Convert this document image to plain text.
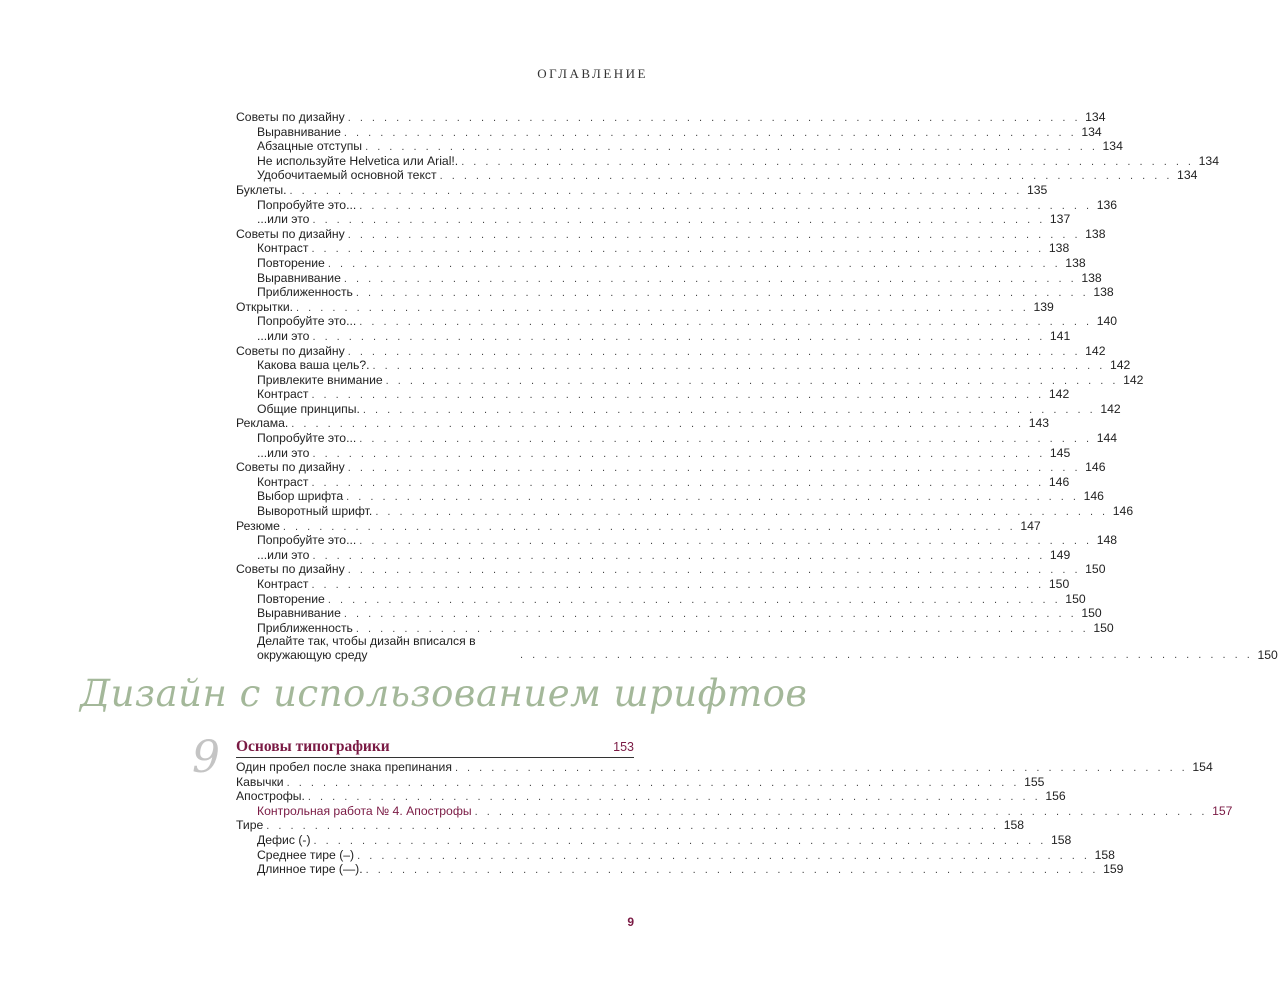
ОГЛАВЛЕНИЕ
Советы по дизайну . . .	134
Выравнивание . . .	134
Абзацные отступы . . .	134
Не используйте Helvetica или Arial!. . . .	134
Удобочитаемый основной текст . . .	134
Буклеты. . . .	135
Попробуйте это... . . .	136
...или это . . .	137
Советы по дизайну . . .	138
Контраст . . .	138
Повторение . . .	138
Выравнивание . . .	138
Приближенность . . .	138
Открытки. . . .	139
Попробуйте это... . . .	140
...или это . . .	141
Советы по дизайну . . .	142
Какова ваша цель?. . . .	142
Привлеките внимание . . .	142
Контраст . . .	142
Общие принципы. . . .	142
Реклама. . . .	143
Попробуйте это... . . .	144
...или это . . .	145
Советы по дизайну . . .	146
Контраст . . .	146
Выбор шрифта . . .	146
Выворотный шрифт. . . .	146
Резюме . . .	147
Попробуйте это... . . .	148
...или это . . .	149
Советы по дизайну . . .	150
Контраст . . .	150
Повторение . . .	150
Выравнивание . . .	150
Приближенность . . .	150
Делайте так, чтобы дизайн вписался в окружающую среду . . .	150
Дизайн с использованием шрифтов
9 Основы типографики	153
Один пробел после знака препинания . . .	154
Кавычки . . .	155
Апострофы. . . .	156
Контрольная работа № 4. Апострофы . . .	157
Тире . . .	158
Дефис (-) . . .	158
Среднее тире (–) . . .	158
Длинное тире (—). . . .	159
9
